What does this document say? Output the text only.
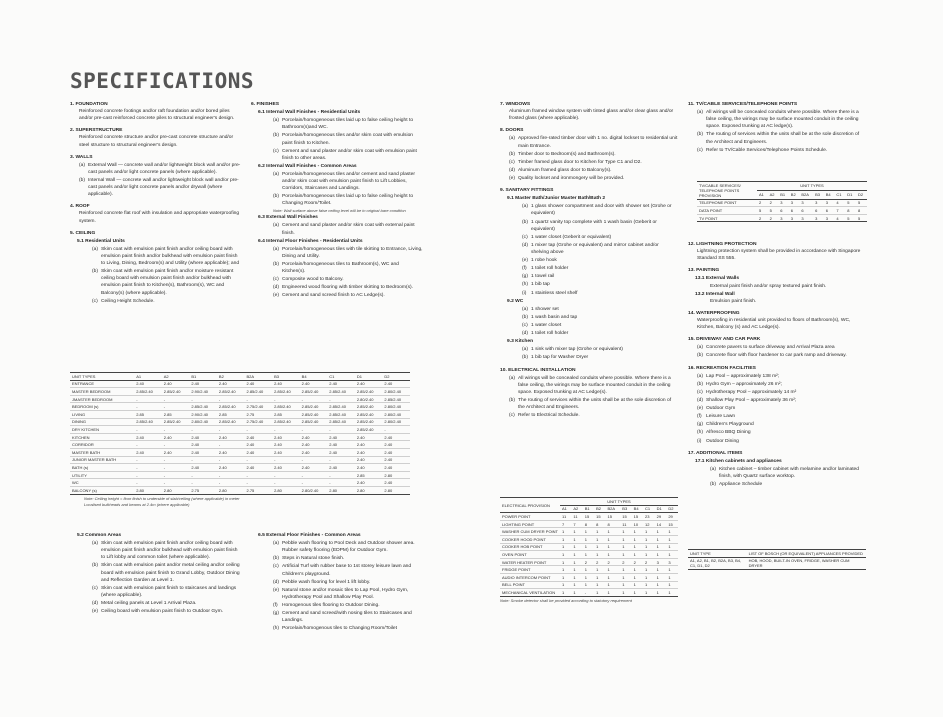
SPECIFICATIONS
1. FOUNDATION
Reinforced concrete footings and/or raft foundation and/or bored piles and/or pre-cast reinforced concrete piles to structural engineer's design.
2. SUPERSTRUCTURE
Reinforced concrete structure and/or pre-cast concrete structure and/or steel structure to structural engineer's design.
3. WALLS
(a) External Wall — concrete wall and/or lightweight block wall and/or pre-cast panels and/or light concrete panels (where applicable).
(b) Internal Wall — concrete wall and/or lightweight block wall and/or pre-cast panels and/or light concrete panels and/or drywall (where applicable).
4. ROOF
Reinforced concrete flat roof with insulation and appropriate waterproofing system.
5. CEILING
5.1 Residential Units
(a) Skim coat with emulsion paint finish and/or ceiling board with emulsion paint finish and/or bulkhead with emulsion paint finish to Living, Dining, Bedroom(s) and Utility (where applicable); and
(b) Skim coat with emulsion paint finish and/or moisture resistant ceiling board with emulsion paint finish and/or bulkhead with emulsion paint finish to Kitchen(s), Bathroom(s), WC and Balcony(s) (where applicable).
(c) Ceiling Height Schedule.
UNIT TYPES	A1	A2	B1	B2	B2A	B3	B4	C1	D1	D2
ENTRANCE	2.40	2.40	2.40	2.40	2.40	2.40	2.40	2.40	2.40	2.40
MASTER BEDROOM	2.85/2.40	2.85/2.40	2.90/2.40	2.85/2.40	2.85/2.40	2.85/2.40	2.85/2.40	2.85/2.40	2.85/2.40	2.80/2.40
JMASTER BEDROOM	-	-	-	-	-	-	-	-	2.80/2.40	2.85/2.40
BEDROOM (s)	-	-	2.85/2.40	2.85/2.40	2.75/2.40	2.85/2.40	2.85/2.40	2.85/2.40	2.85/2.40	2.80/2.40
LIVING	2.85	2.85	2.90/2.40	2.85	2.75	2.85	2.85/2.40	2.85/2.40	2.85/2.40	2.80/2.40
DINING	2.85/2.40	2.85/2.40	2.80/2.40	2.85/2.40	2.75/2.40	2.85/2.40	2.85/2.40	2.85/2.40	2.85/2.40	2.80/2.40
DRY KITCHEN	-	-	-	-	-	-	-	-	2.85/2.40	-
KITCHEN	2.40	2.40	2.40	2.40	2.40	2.40	2.40	2.40	2.40	2.40
CORRIDOR	-	-	2.40	-	2.40	2.40	2.40	2.40	2.40	2.40
MASTER BATH	2.40	2.40	2.40	2.40	2.40	2.40	2.40	2.40	2.40	2.40
JUNIOR MASTER BATH	-	-	-	-	-	-	-	-	2.40	2.40
BATH (s)	-	-	2.40	2.40	2.40	2.40	2.40	2.40	2.40	2.40
UTILITY	-	-	-	-	-	-	-	-	2.85	2.80
WC	-	-	-	-	-	-	-	-	2.40	2.40
BALCONY (s)	2.80	2.80	2.75	2.80	2.75	2.80	2.80/2.40	2.80	2.80	2.80
Note: Ceiling height = floor finish to underside of slab/ceiling (where applicable) in meter
Localised bulkheads and beams at 2.4m (where applicable)
5.2 Common Areas
(a) Skim coat with emulsion paint finish and/or ceiling board with emulsion paint finish and/or bulkhead with emulsion paint finish to Lift lobby and common toilet (where applicable).
(b) Skim coat with emulsion paint and/or metal ceiling and/or ceiling board with emulsion paint finish to Grand Lobby, Outdoor Dining and Reflection Garden at Level 1.
(c) Skim coat with emulsion paint finish to staircases and landings (where applicable).
(d) Metal ceiling panels at Level 1 Arrival Plaza.
(e) Ceiling board with emulsion paint finish to Outdoor Gym.
6. FINISHES
6.1 Internal Wall Finishes - Residential Units
(a) Porcelain/homogeneous tiles laid up to false ceiling height to Bathroom(s)and WC.
(b) Porcelain/homogeneous tiles and/or skim coat with emulsion paint finish to Kitchen.
(c) Cement and sand plaster and/or skim coat with emulsion paint finish to other areas.
6.2 Internal Wall Finishes - Common Areas
(a) Porcelain/homogeneous tiles and/or cement and sand plaster and/or skim coat with emulsion paint finish to Lift Lobbies, Corridors, Staircases and Landings.
(b) Porcelain/homogeneous tiles laid up to false ceiling height to Changing Room/Toilet.
Note: Wall surface above false ceiling level will be in original bare condition
6.3 External Wall Finishes
(a) Cement and sand plaster and/or skim coat with external paint finish.
6.4 Internal Floor Finishes - Residential Units
(a) Porcelain/homogeneous tiles with tile skirting to Entrance, Living, Dining and Utility.
(b) Porcelain/homogeneous tiles to Bathroom(s), WC and Kitchen(s).
(c) Composite wood to Balcony.
(d) Engineered wood flooring with timber skirting to Bedroom(s).
(e) Cement and sand screed finish to AC Ledge(s).
6.5 External Floor Finishes - Common Areas
(a) Pebble wash flooring to Pool Deck and Outdoor shower area. Rubber safety flooring (EDPM) for Outdoor Gym.
(b) Steps in Natural stone finish.
(c) Artificial Turf with rubber base to 1st storey leisure lawn and Children's playground.
(d) Pebble wash flooring for level 1 lift lobby.
(e) Natural stone and/or mosaic tiles to Lap Pool, Hydro Gym, Hydrotherapy Pool and Shallow Play Pool.
(f) Homogenous tiles flooring to Outdoor Dining.
(g) Cement and sand screed/with nosing tiles to Staircases and Landings.
(h) Porcelain/homogenous tiles to Changing Room/Toilet
7. WINDOWS
Aluminum framed window system with tinted glass and/or clear glass and/or frosted glass (where applicable).
8. DOORS
(a) Approved fire-rated timber door with 1 no. digital lockset to residential unit main Entrance.
(b) Timber door to Bedroom(s) and Bathroom(s).
(c) Timber framed glass door to Kitchen for Type C1 and D2.
(d) Aluminum framed glass door to Balcony(s).
(e) Quality lockset and ironmongery will be provided.
9. SANITARY FITTINGS
9.1 Master Bath/Junior Master Bath/Bath 2
(a) 1 glass shower compartment and door with shower set (Grohe or equivalent)
(b) 1 quartz vanity top complete with 1 wash basin (Geberit or equivalent)
(c) 1 water closet (Geberit or equivalent)
(d) 1 mixer tap (Grohe or equivalent) and mirror cabinet and/or shelving above
(e) 1 robe hook
(f) 1 toilet roll holder
(g) 1 towel rail
(h) 1 bib tap
(i) 1 stainless steel shelf
9.2 WC
(a) 1 shower set
(b) 1 wash basin and tap
(c) 1 water closet
(d) 1 toilet roll holder
9.3 Kitchen
(a) 1 sink with mixer tap (Grohe or equivalent)
(b) 1 bib tap for Washer Dryer
10. ELECTRICAL INSTALLATION
(a) All wirings will be concealed conduits where possible. Where there is a false ceiling, the wirings may be surface mounted conduit in the ceiling space. Exposed trunking at AC Ledge(s).
(b) The routing of services within the units shall be at the sole discretion of the Architect and Engineers.
(c) Refer to Electrical Schedule.
ELECTRICAL PROVISION	UNIT TYPES									
	A1	A2	B1	B2	B2A	B3	B4	C1	D1	D2
POWER POINT	11	11	15	15	15	15	15	23	29	29
LIGHTING POINT	7	7	8	8	8	11	10	12	14	15
WASHER CUM DRYER POINT	1	1	1	1	1	1	1	1	1	1
COOKER HOOD POINT	1	1	1	1	1	1	1	1	1	1
COOKER HOB POINT	1	1	1	1	1	1	1	1	1	1
OVEN POINT	1	1	1	1	1	1	1	1	1	1
WATER HEATER POINT	1	1	2	2	2	2	2	2	3	3
FRIDGE POINT	1	1	1	1	1	1	1	1	1	1
AUDIO INTERCOM POINT	1	1	1	1	1	1	1	1	1	1
BELL POINT	1	1	1	1	1	1	1	1	1	1
MECHANICAL VENTILATION	1	1	-	1	1	1	1	1	1	1
Note: Smoke detector shall be provided according to statutory requirement
11. TV/CABLE SERVICES/TELEPHONE POINTS
(a) All wirings will be concealed conduits where possible. Where there is a false ceiling, the wirings may be surface mounted conduit in the ceiling space. Exposed trunking at AC ledge(s).
(b) The routing of services within the units shall be at the sole discretion of the Architect and Engineers.
(c) Refer to TV/Cable Services/Telephone Points Schedule.
TV/CABLE SERVICES/ TELEPHONE POINTS PROVISION	UNIT TYPES									
	A1	A2	B1	B2	B2A	B3	B4	C1	D1	D2
TELEPHONE POINT	2	2	3	3	3	3	3	4	5	5
DATA POINT	5	5	6	6	6	6	6	7	8	8
TV POINT	2	2	3	3	3	3	3	4	5	5
12. LIGHTNING PROTECTION
Lightning protection system shall be provided in accordance with Singapore Standard SS 555.
13. PAINTING
13.1 External Walls
External paint finish and/or spray textured paint finish.
13.2 Internal Wall
Emulsion paint finish.
14. WATERPROOFING
Waterproofing in residential unit provided to floors of Bathroom(s), WC, Kitchen, Balcony (s) and AC Ledge(s).
15. DRIVEWAY AND CAR PARK
(a) Concrete pavers to surface driveway and Arrival Plaza area
(b) Concrete floor with floor hardener to car park ramp and driveway.
16. RECREATION FACILITIES
(a) Lap Pool – approximately 138 m²;
(b) Hydro Gym – approximately 26 m²;
(c) Hydrotherapy Pool – approximately 14 m²
(d) Shallow Play Pool – approximately 36 m²;
(e) Outdoor Gym
(f) Leisure Lawn
(g) Children's Playground
(h) Alfresco BBQ Dining
(i) Outdoor Dining
17. ADDITIONAL ITEMS
17.1 Kitchen cabinets and appliances
(a) Kitchen cabinet – timber cabinet with melamine and/or laminated finish, with Quartz surface worktop.
(b) Appliance Schedule
UNIT TYPE	LIST OF BOSCH (OR EQUIVALENT) APPLIANCES PROVIDED
A1, A2, B1, B2, B2A, B3, B4, C1, D1, D2	HOB, HOOD, BUILT-IN OVEN, FRIDGE, WASHER CUM DRYER
